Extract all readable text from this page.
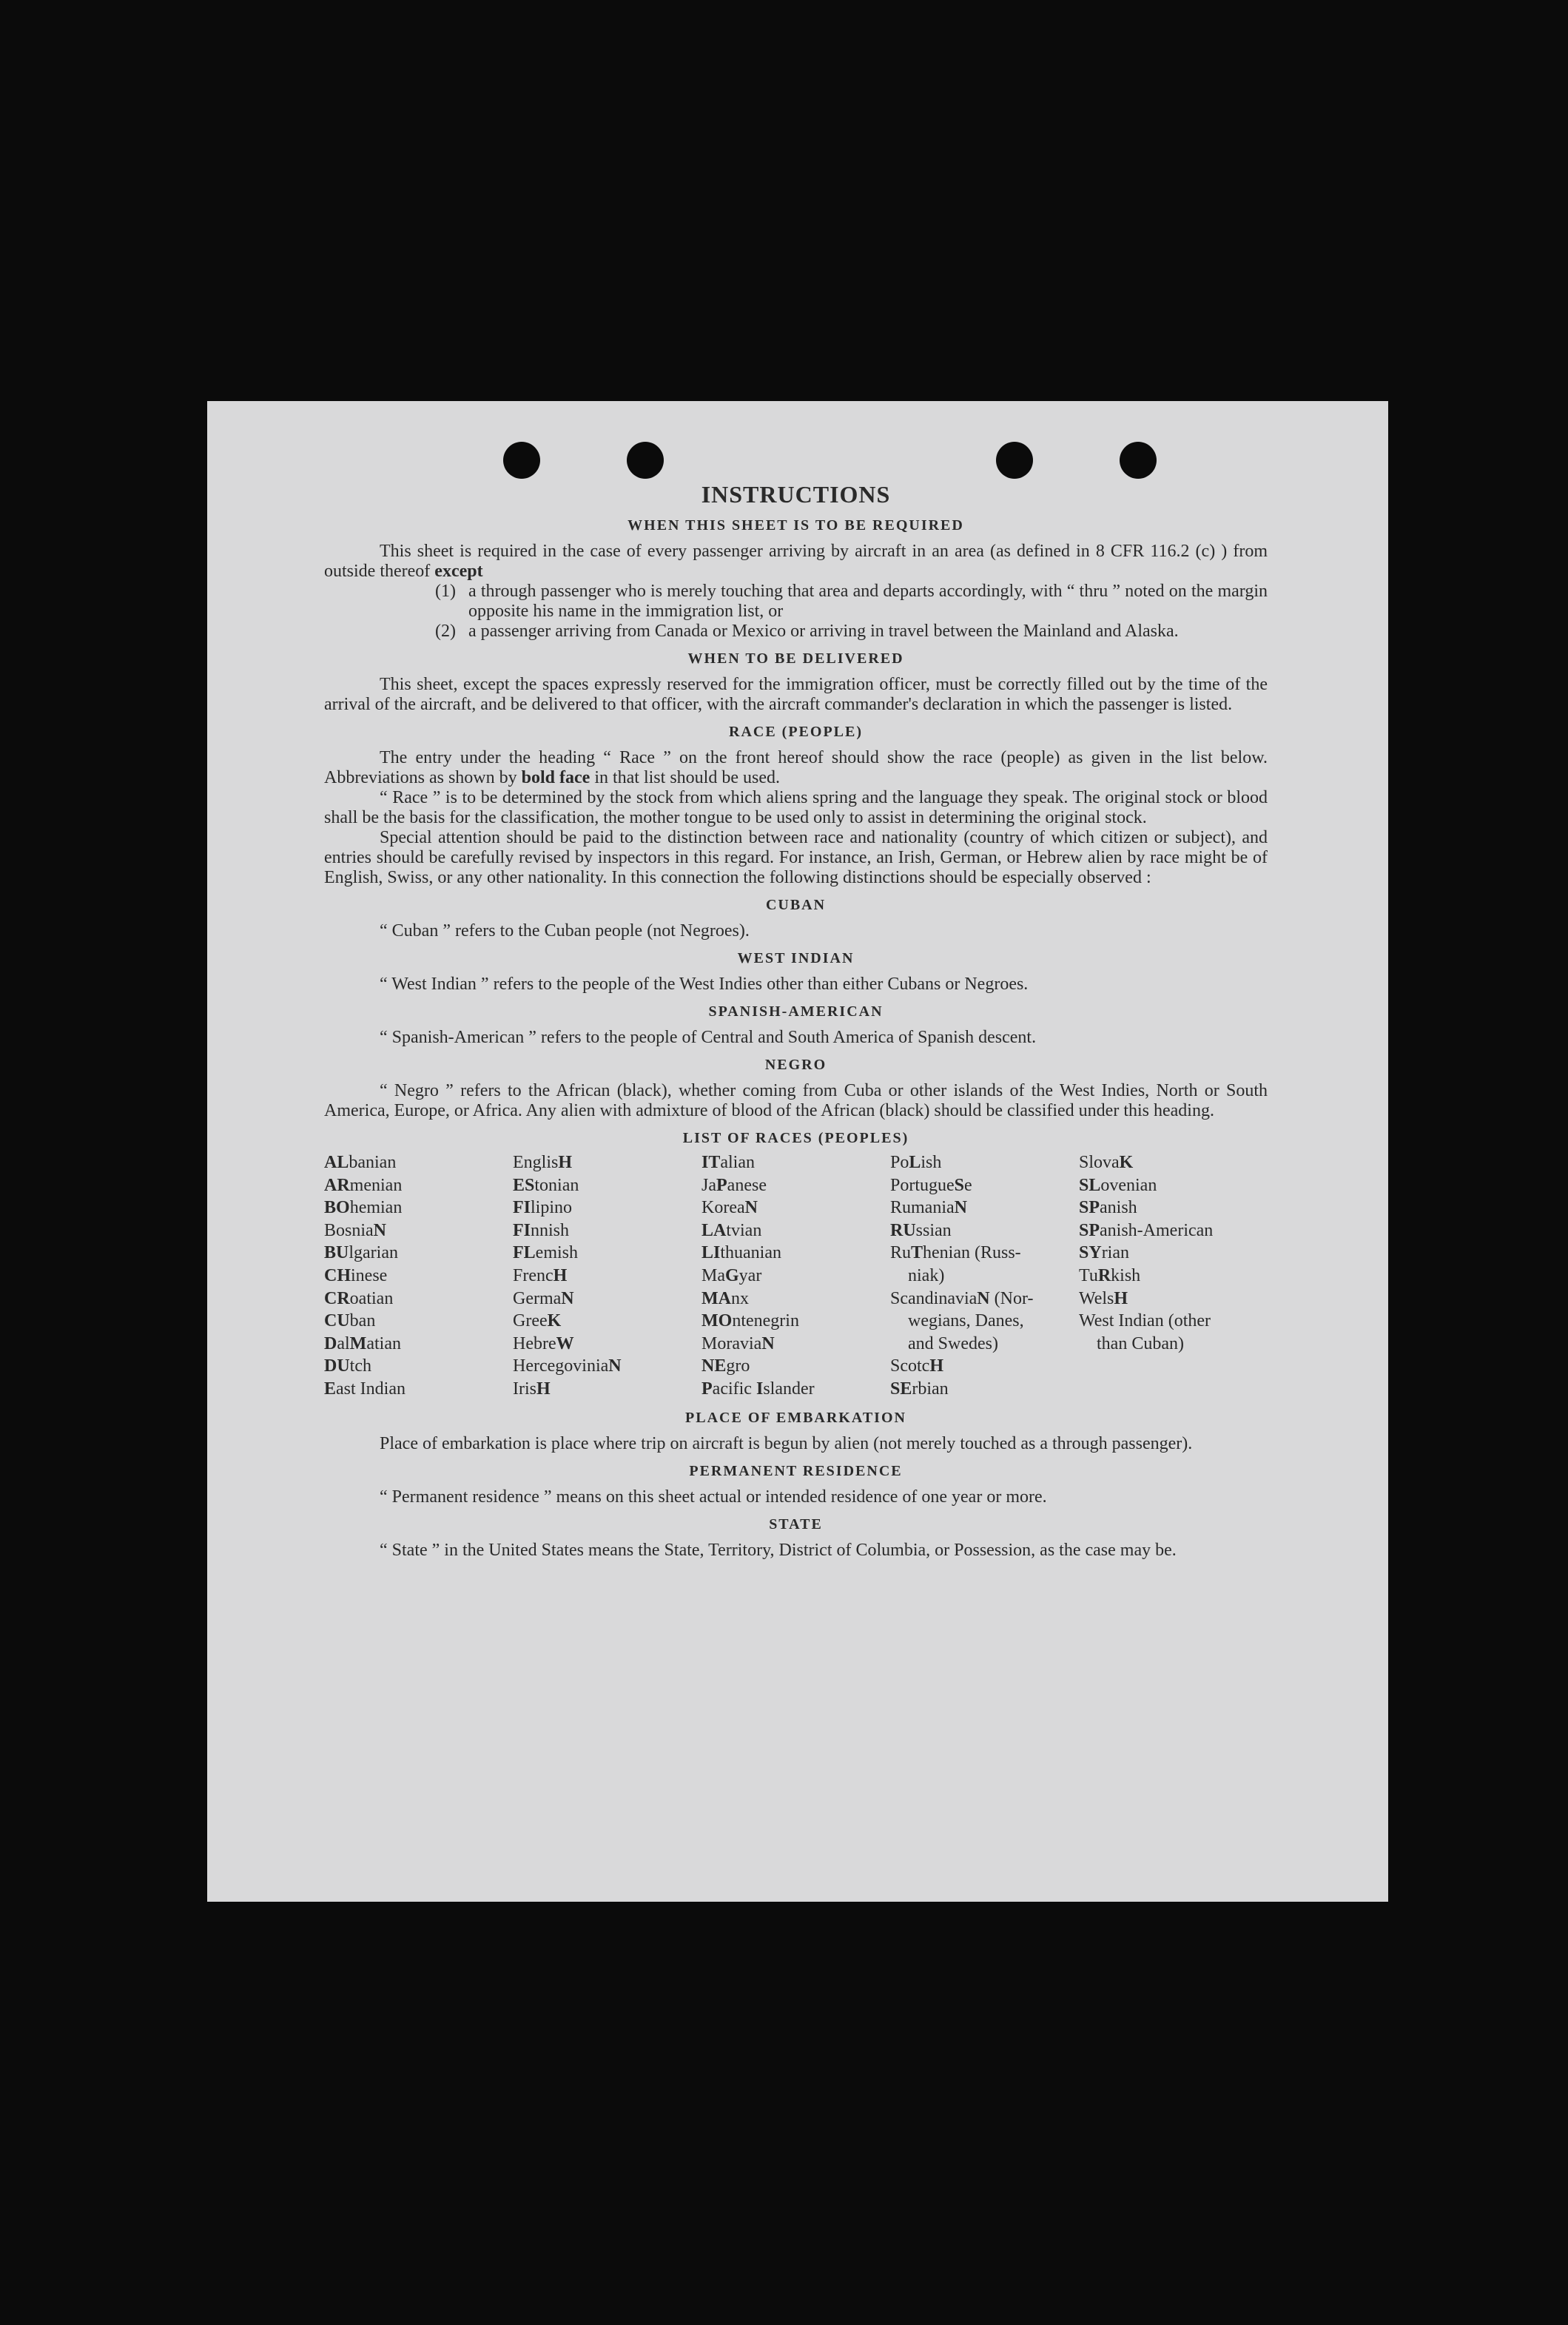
INSTRUCTIONS
WHEN THIS SHEET IS TO BE REQUIRED

This sheet is required in the case of every passenger arriving by aircraft in an area (as defined in 8 CFR 116.2 (c) ) from outside thereof except

(1) a through passenger who is merely touching that area and departs accordingly, with “ thru ” noted on the margin opposite his name in the immigration list, or
(2) a passenger arriving from Canada or Mexico or arriving in travel between the Mainland and Alaska.
WHEN TO BE DELIVERED

This sheet, except the spaces expressly reserved for the immigration officer, must be correctly filled out by the time of the arrival of the aircraft, and be delivered to that officer, with the aircraft commander's declaration in which the passenger is listed.

RACE (PEOPLE)

The entry under the heading “ Race ” on the front hereof should show the race (people) as given in the list below. Abbreviations as shown by bold face in that list should be used.

“ Race ” is to be determined by the stock from which aliens spring and the language they speak. The original stock or blood shall be the basis for the classification, the mother tongue to be used only to assist in determining the original stock.

Special attention should be paid to the distinction between race and nationality (country of which citizen or subject), and entries should be carefully revised by inspectors in this regard. For instance, an Irish, German, or Hebrew alien by race might be of English, Swiss, or any other nationality. In this connection the following distinctions should be especially observed :

CUBAN

“ Cuban ” refers to the Cuban people (not Negroes).

WEST INDIAN

“ West Indian ” refers to the people of the West Indies other than either Cubans or Negroes.

SPANISH-AMERICAN

“ Spanish-American ” refers to the people of Central and South America of Spanish descent.

NEGRO

“ Negro ” refers to the African (black), whether coming from Cuba or other islands of the West Indies, North or South America, Europe, or Africa. Any alien with admixture of blood of the African (black) should be classified under this heading.

LIST OF RACES (PEOPLES)
ALbanian
ARmenian
BOhemian
BosniaN
BUlgarian
CHinese
CRoatian
CUban
DalMatian
DUtch
East Indian
EnglisH
EStonian
FIlipino
FInnish
FLemish
FrencH
GermaN
GreeK
HebreW
HercegoviniaN
IrisH
ITalian
JaPanese
KoreaN
LAtvian
LIthuanian
MaGyar
MAnx
MOntenegrin
MoraviaN
NEgro
Pacific Islander
PoLish
PortugueSe
RumaniaN
RUssian
RuThenian (Russ-
niak)
ScandinaviaN (Nor-
wegians, Danes,
and Swedes)
ScotcH
SErbian
SlovaK
SLovenian
SPanish
SPanish-American
SYrian
TuRkish
WelsH
West Indian (other
than Cuban)
PLACE OF EMBARKATION

Place of embarkation is place where trip on aircraft is begun by alien (not merely touched as a through passenger).

PERMANENT RESIDENCE

“ Permanent residence ” means on this sheet actual or intended residence of one year or more.

STATE

“ State ” in the United States means the State, Territory, District of Columbia, or Possession, as the case may be.
